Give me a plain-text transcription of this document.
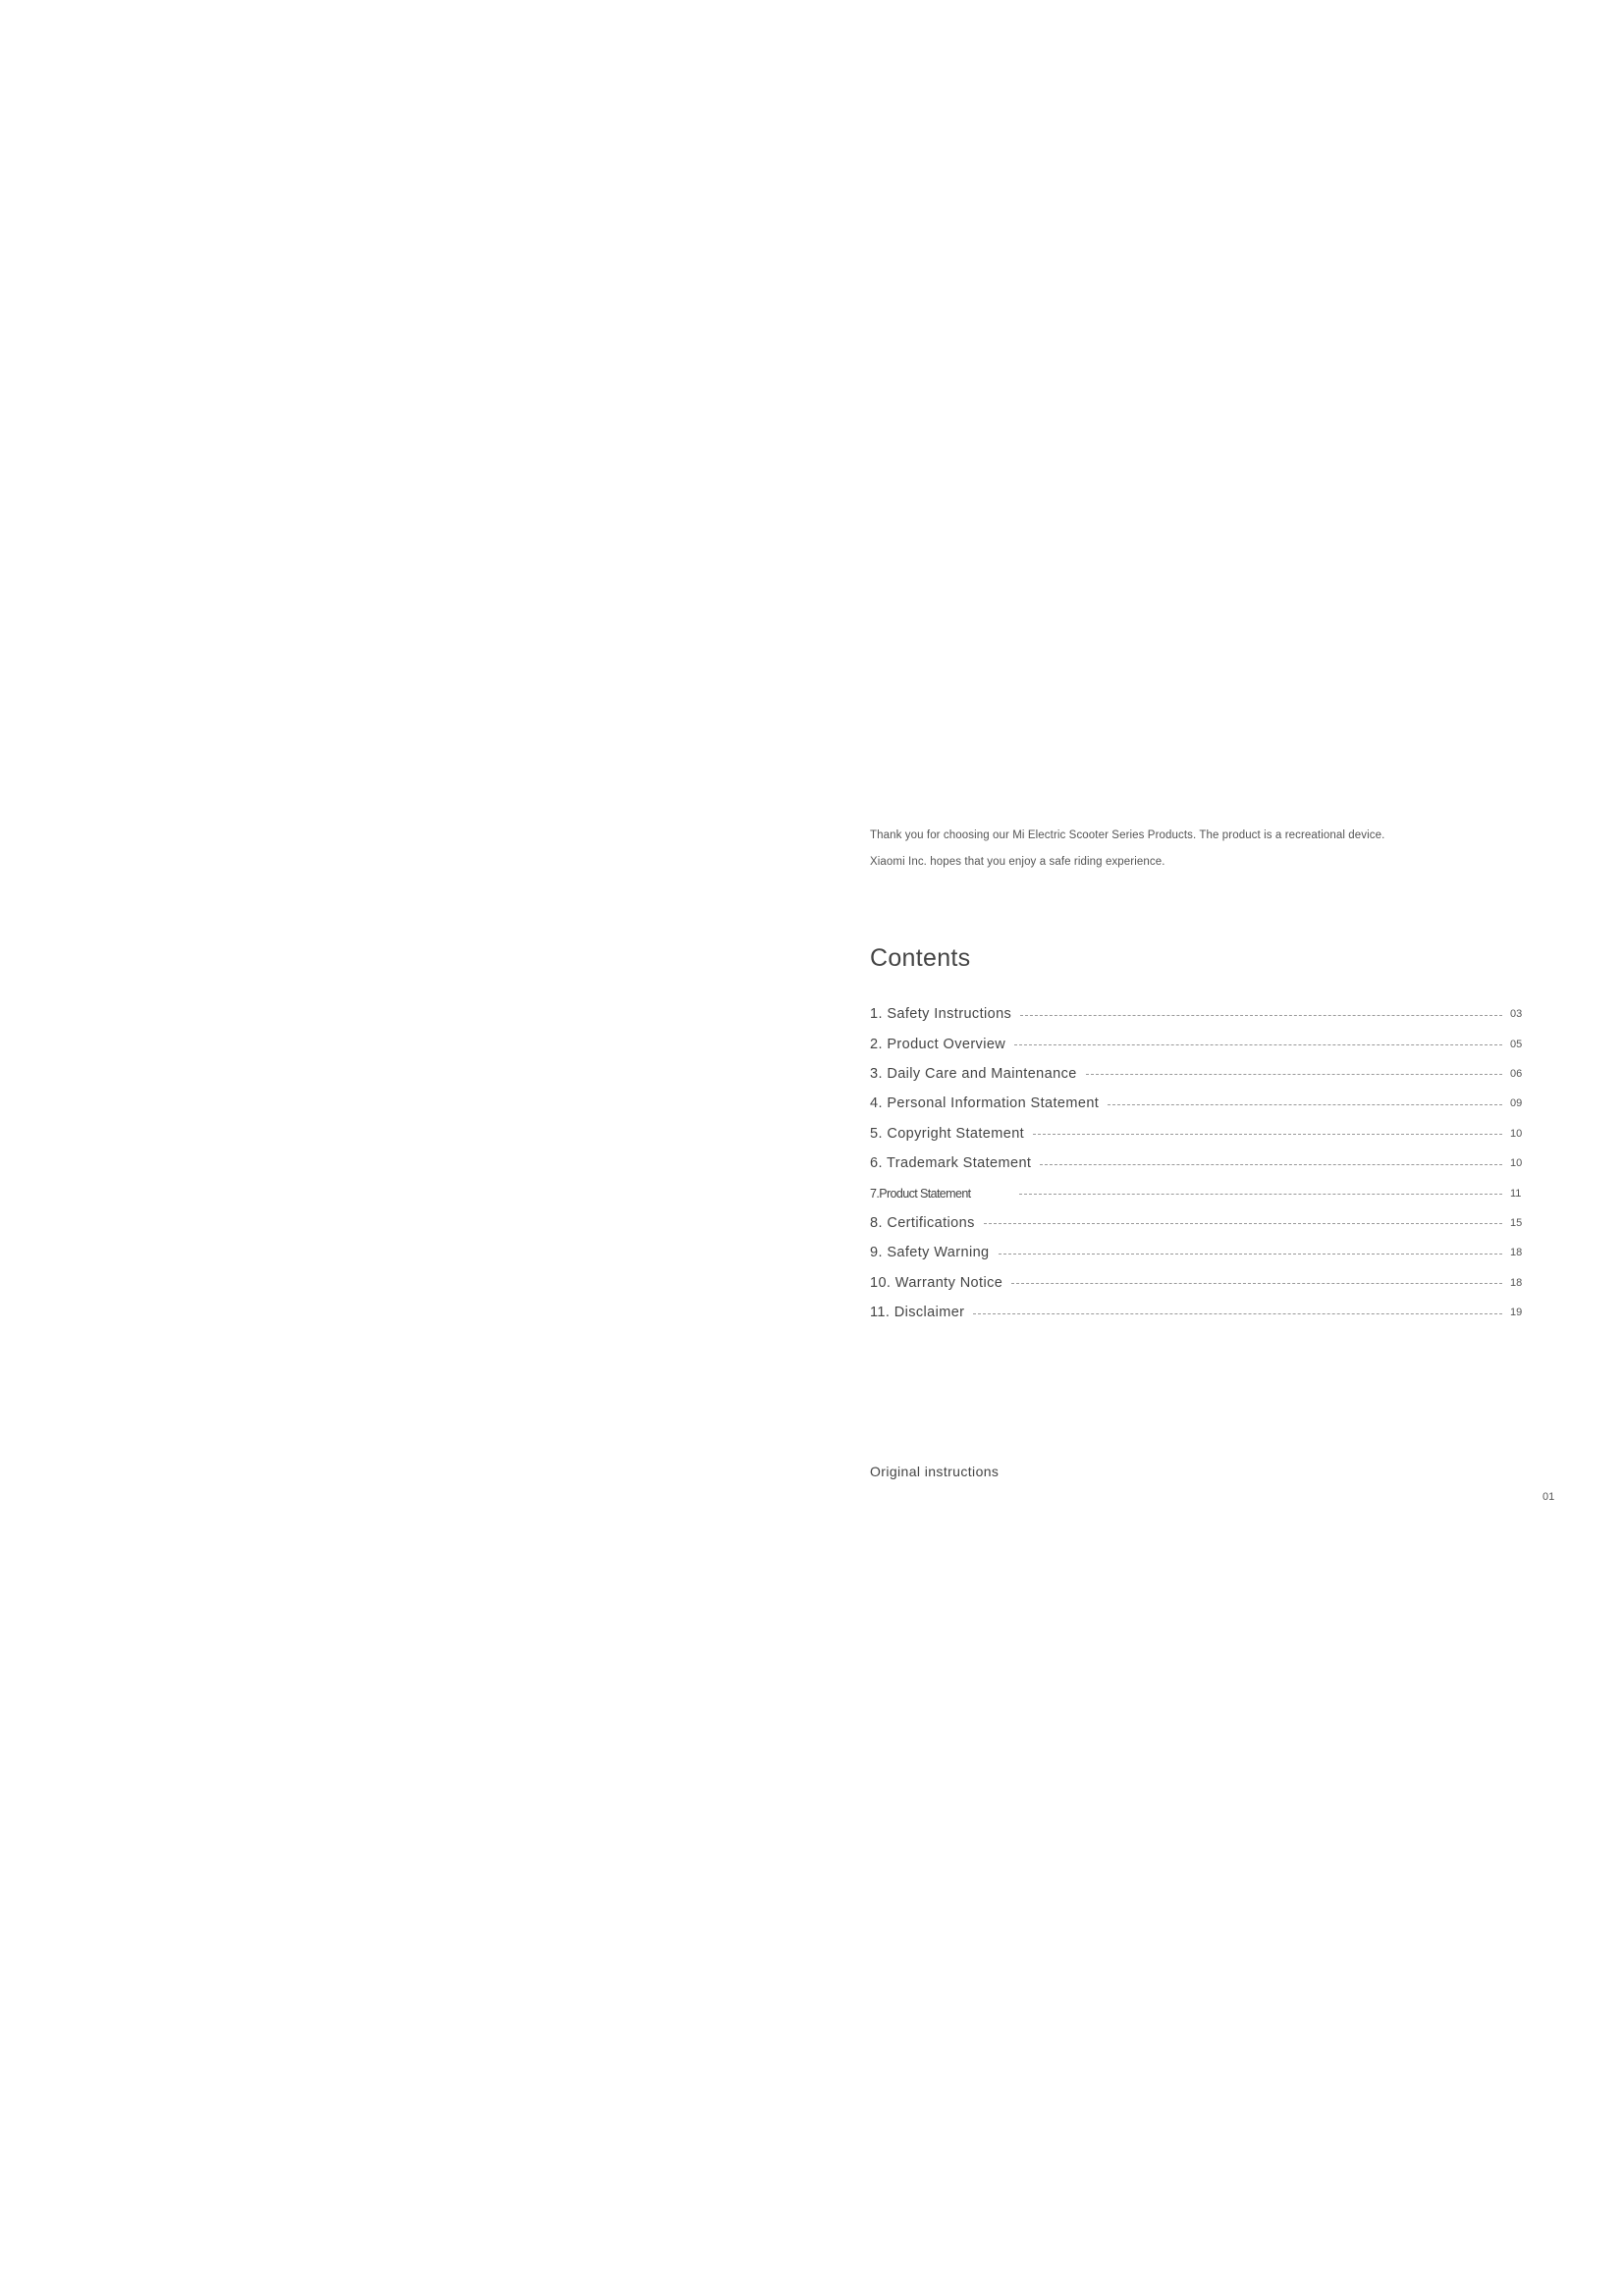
Thank you for choosing our Mi Electric Scooter Series Products. The product is a recreational device.

Xiaomi Inc. hopes that you enjoy a safe riding experience.

Contents
1. Safety Instructions	03
2. Product Overview	05
3. Daily Care and Maintenance	06
4. Personal Information Statement	09
5. Copyright Statement	10
6. Trademark Statement	10
7.Product Statement	11
8. Certifications	15
9. Safety Warning	18
10. Warranty Notice	18
11. Disclaimer	19

Original instructions

01
